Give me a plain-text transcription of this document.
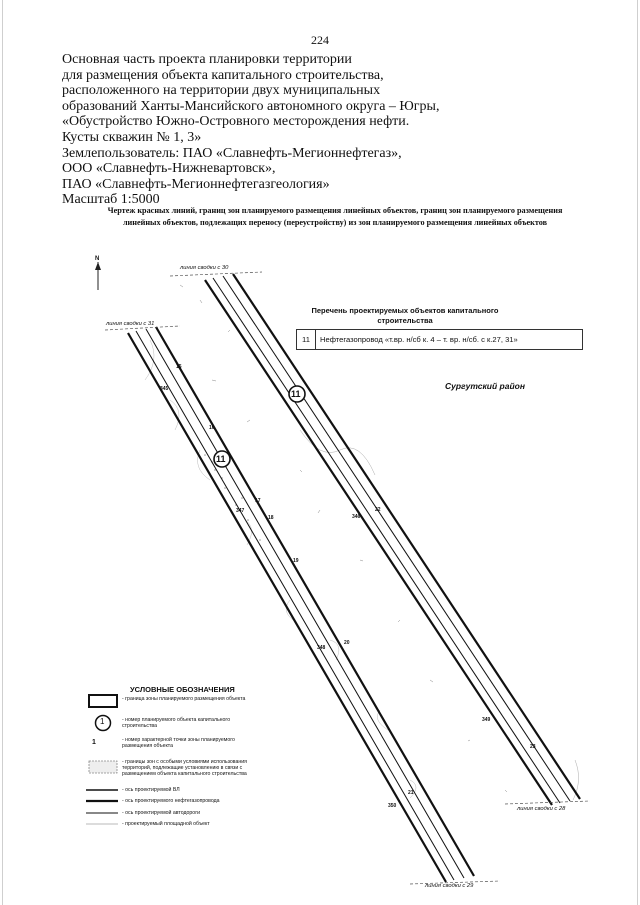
224
Основная часть проекта планировки территории
для размещения объекта капитального строительства,
расположенного на территории двух муниципальных
образований Ханты-Мансийского автономного округа – Югры,
«Обустройство Южно-Островного месторождения нефти.
Кусты скважин № 1, 3»
Землепользователь: ПАО «Славнефть-Мегионнефтегаз»,
ООО «Славнефть-Нижневартовск»,
ПАО «Славнефть-Мегионнефтегазгеология»
Масштаб 1:5000
Чертеж красных линий, границ зон планируемого размещения линейных объектов, границ зон планируемого размещения линейных объектов, подлежащих переносу (переустройству) из зон планируемого размещения линейных объектов
линия сводки с 30
линия сводки с 31
линия сводки с 28
линия сводки с 29
N
11
11
15
16
17
18
19
20
21
22
23
345
346
347
348
349
350
Перечень проектируемых объектов капитального строительства
11	Нефтегазопровод «т.вр. н/сб к. 4 – т. вр. н/сб. с к.27, 31»
Сургутский район
УСЛОВНЫЕ ОБОЗНАЧЕНИЯ
- граница зоны планируемого размещения объекта
1	- номер планируемого объекта капитального строительства
1	- номер характерной точки зоны планируемого размещения объекта
- границы зон с особыми условиями использования территорий, подлежащие установлению в связи с размещением объекта капитального строительства
- ось проектируемой ВЛ
- ось проектируемого нефтегазопровода
- ось проектируемой автодороги
- проектируемый площадной объект
